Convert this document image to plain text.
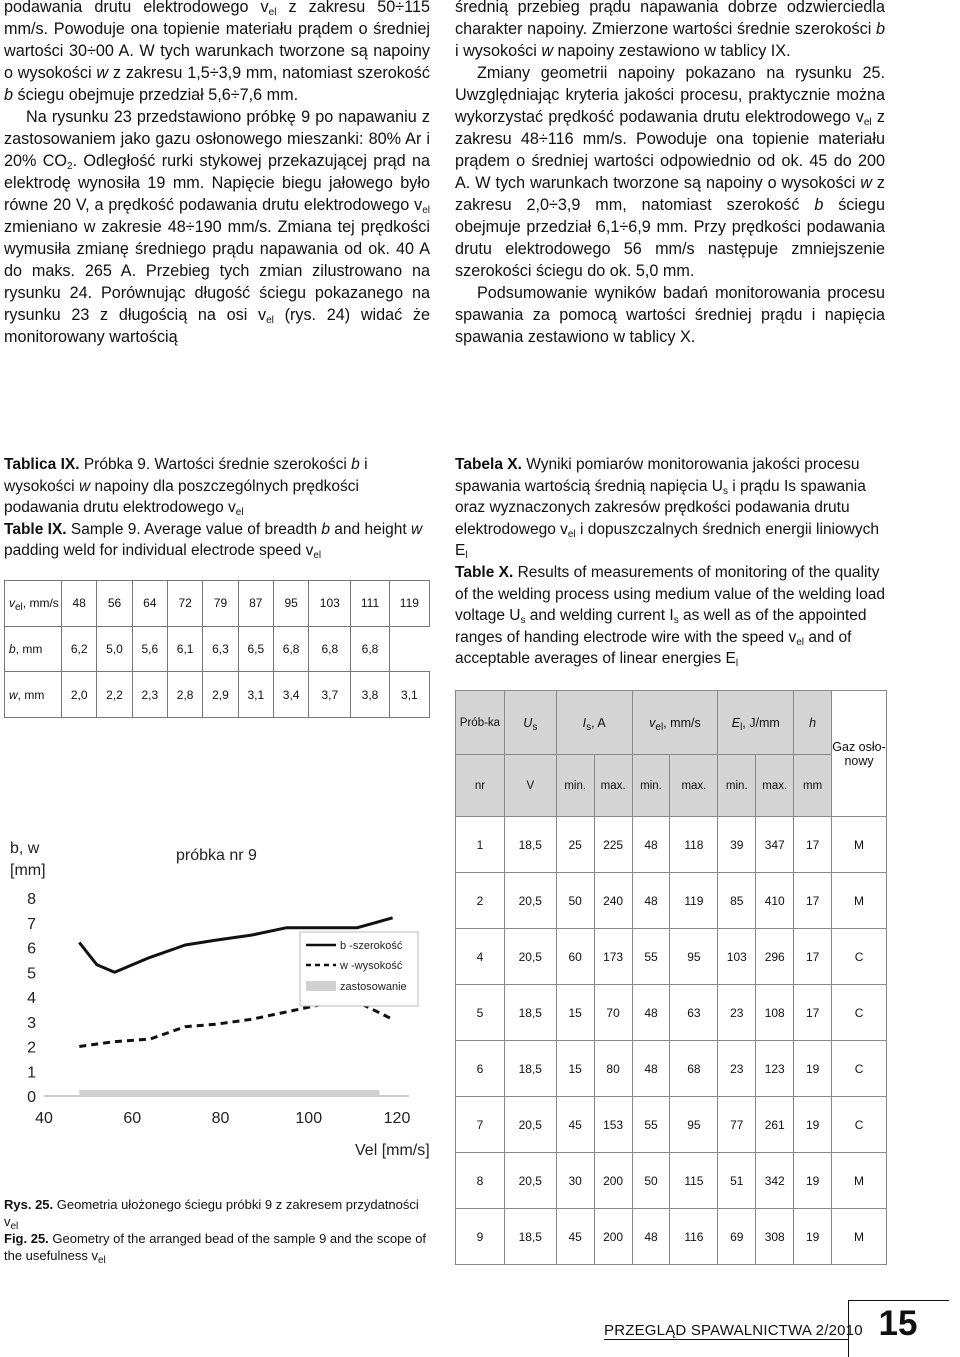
podawania drutu elektrodowego $v_{el}$ z zakresu 50÷115 mm/s. Powoduje ona topienie materiału prądem o średniej wartości 30÷00 A. W tych warunkach tworzone są napoiny o wysokości w z zakresu 1,5÷3,9 mm, natomiast szerokość b ściegu obejmuje przedział 5,6÷7,6 mm.

Na rysunku 23 przedstawiono próbkę 9 po napawaniu z zastosowaniem jako gazu osłonowego mieszanki: 80% Ar i 20% $CO_2$. Odległość rurki stykowej przekazującej prąd na elektrodę wynosiła 19 mm. Napięcie biegu jałowego było równe 20 V, a prędkość podawania drutu elektrodowego $v_{el}$ zmieniano w zakresie 48÷190 mm/s. Zmiana tej prędkości wymusiła zmianę średniego prądu napawania od ok. 40 A do maks. 265 A. Przebieg tych zmian zilustrowano na rysunku 24. Porównując długość ściegu pokazanego na rysunku 23 z długością na osi $v_{el}$ (rys. 24) widać że monitorowany wartością

średnią przebieg prądu napawania dobrze odzwierciedla charakter napoiny. Zmierzone wartości średnie szerokości b i wysokości w napoiny zestawiono w tablicy IX.

Zmiany geometrii napoiny pokazano na rysunku 25. Uwzględniając kryteria jakości procesu, praktycznie można wykorzystać prędkość podawania drutu elektrodowego $v_{el}$ z zakresu 48÷116 mm/s. Powoduje ona topienie materiału prądem o średniej wartości odpowiednio od ok. 45 do 200 A. W tych warunkach tworzone są napoiny o wysokości w z zakresu 2,0÷3,9 mm, natomiast szerokość b ściegu obejmuje przedział 6,1÷6,9 mm. Przy prędkości podawania drutu elektrodowego 56 mm/s następuje zmniejszenie szerokości ściegu do ok. 5,0 mm.

Podsumowanie wyników badań monitorowania procesu spawania za pomocą wartości średniej prądu i napięcia spawania zestawiono w tablicy X.

Tablica IX. Próbka 9. Wartości średnie szerokości b i wysokości w napoiny dla poszczególnych prędkości podawania drutu elektrodowego $v_{el}$

Table IX. Sample 9. Average value of breadth b and height w padding weld for individual electrode speed $v_{el}$

$v_{el}$, mm/s	48	56	64	72	79	87	95	103	111	119
b, mm	6,2	5,0	5,6	6,1	6,3	6,5	6,8	6,8	6,8	
w, mm	2,0	2,2	2,3	2,8	2,9	3,1	3,4	3,7	3,8	3,1

Tabela X. Wyniki pomiarów monitorowania jakości procesu spawania wartością średnią napięcia $U_s$ i prądu Is spawania oraz wyznaczonych zakresów prędkości podawania drutu elektrodowego $v_{el}$ i dopuszczalnych średnich energii liniowych $E_l$

Table X. Results of measurements of monitoring of the quality of the welding process using medium value of the welding load voltage $U_s$ and welding current $I_s$ as well as of the appointed ranges of handing electrode wire with the speed $v_{el}$ and of acceptable averages of linear energies $E_l$

Prób-ka	$U_s$	$I_s$, A		$v_{el}$, mm/s		$E_l$, J/mm		h	Gaz osło-nowy
nr	V	min.	max.	min.	max.	min.	max.	mm	
1	18,5	25	225	48	118	39	347	17	M
2	20,5	50	240	48	119	85	410	17	M
4	20,5	60	173	55	95	103	296	17	C
5	18,5	15	70	48	63	23	108	17	C
6	18,5	15	80	48	68	23	123	19	C
7	20,5	45	153	55	95	77	261	19	C
8	20,5	30	200	50	115	51	342	19	M
9	18,5	45	200	48	116	69	308	19	M
0
1
2
3
4
5
6
7
8
40	60	80	100	120
b, w
[mm]
próbka nr 9
Vel [mm/s]
b -szerokość
w -wysokość
zastosowanie

Rys. 25. Geometria ułożonego ściegu próbki 9 z zakresem przydatności $v_{el}$

Fig. 25. Geometry of the arranged bead of the sample 9 and the scope of the usefulness $v_{el}$

PRZEGLĄD SPAWALNICTWA 2/2010 15
